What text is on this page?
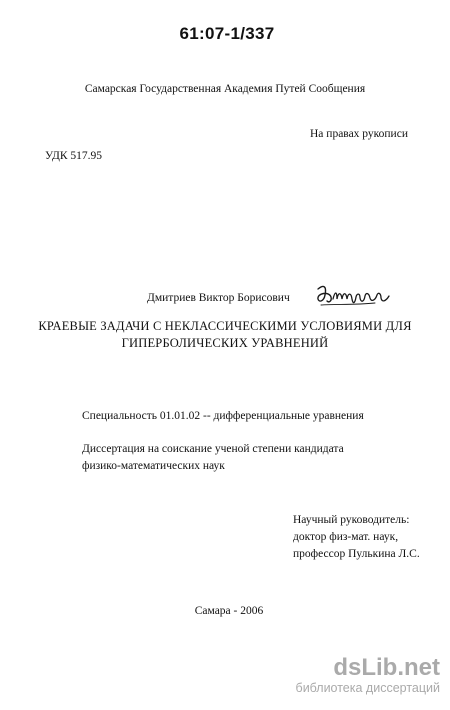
61:07-1/337
Самарская Государственная Академия Путей Сообщения
На правах рукописи
УДК 517.95
Дмитриев Виктор Борисович
КРАЕВЫЕ ЗАДАЧИ С НЕКЛАССИЧЕСКИМИ УСЛОВИЯМИ ДЛЯ
ГИПЕРБОЛИЧЕСКИХ УРАВНЕНИЙ
Специальность 01.01.02 -- дифференциальные уравнения
Диссертация на соискание ученой степени кандидата
физико-математических наук
Научный руководитель:
доктор физ-мат. наук,
профессор Пулькина Л.С.
Самара - 2006
dsLib.net
библиотека диссертаций
